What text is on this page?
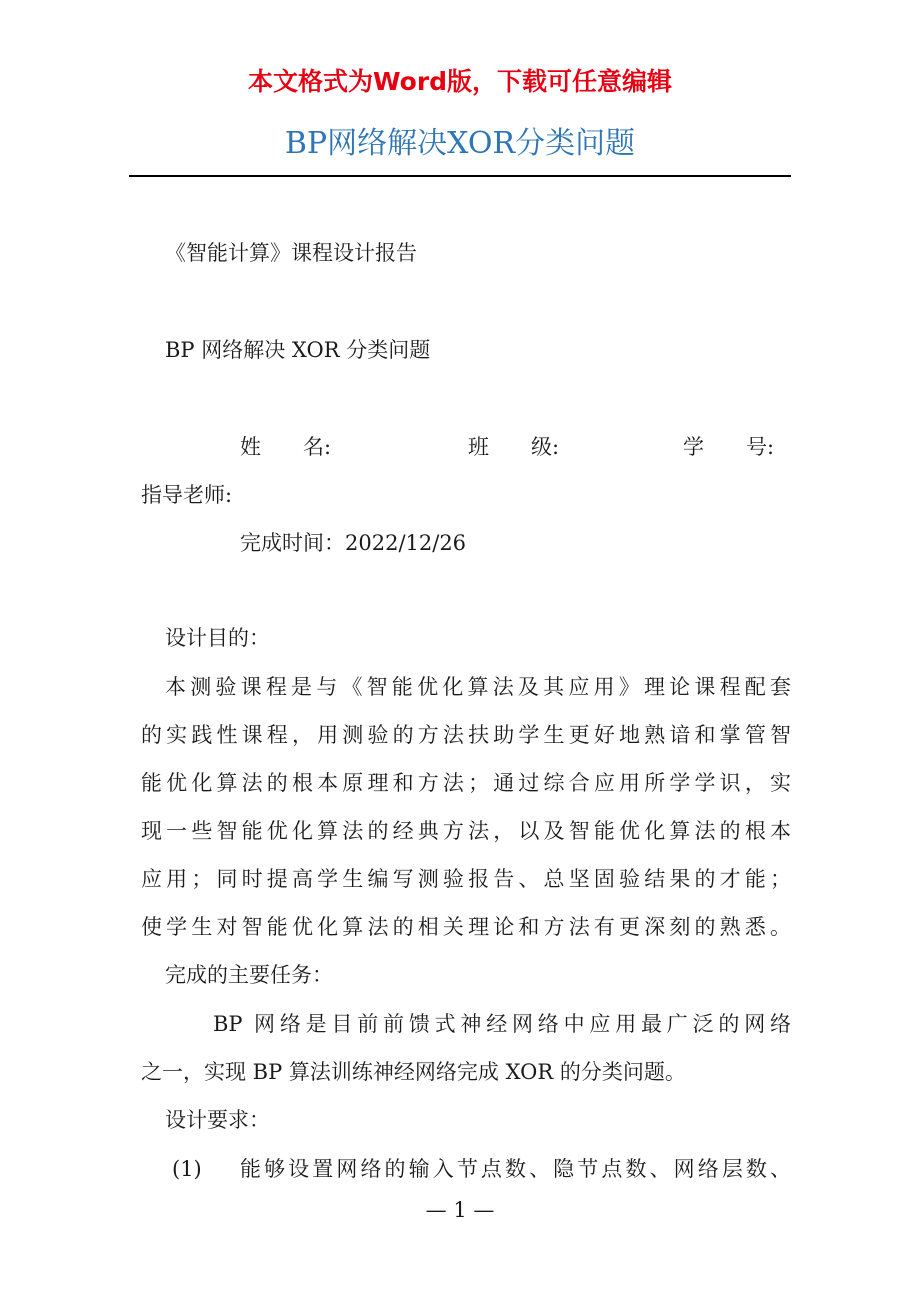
本文格式为Word版，下载可任意编辑
BP网络解决XOR分类问题
《智能计算》课程设计报告
BP 网络解决 XOR 分类问题
姓　　名:	班　　级:	学　　号:
指导老师:
完成时间：2022/12/26
设计目的：
本测验课程是与《智能优化算法及其应用》理论课程配套
的实践性课程，用测验的方法扶助学生更好地熟谙和掌管智
能优化算法的根本原理和方法；通过综合应用所学学识，实
现一些智能优化算法的经典方法，以及智能优化算法的根本
应用；同时提高学生编写测验报告、总坚固验结果的才能；
使学生对智能优化算法的相关理论和方法有更深刻的熟悉。
完成的主要任务：
BP 网络是目前前馈式神经网络中应用最广泛的网络
之一，实现 BP 算法训练神经网络完成 XOR 的分类问题。
设计要求：
(1) 能够设置网络的输入节点数、隐节点数、网络层数、
— 1 —
